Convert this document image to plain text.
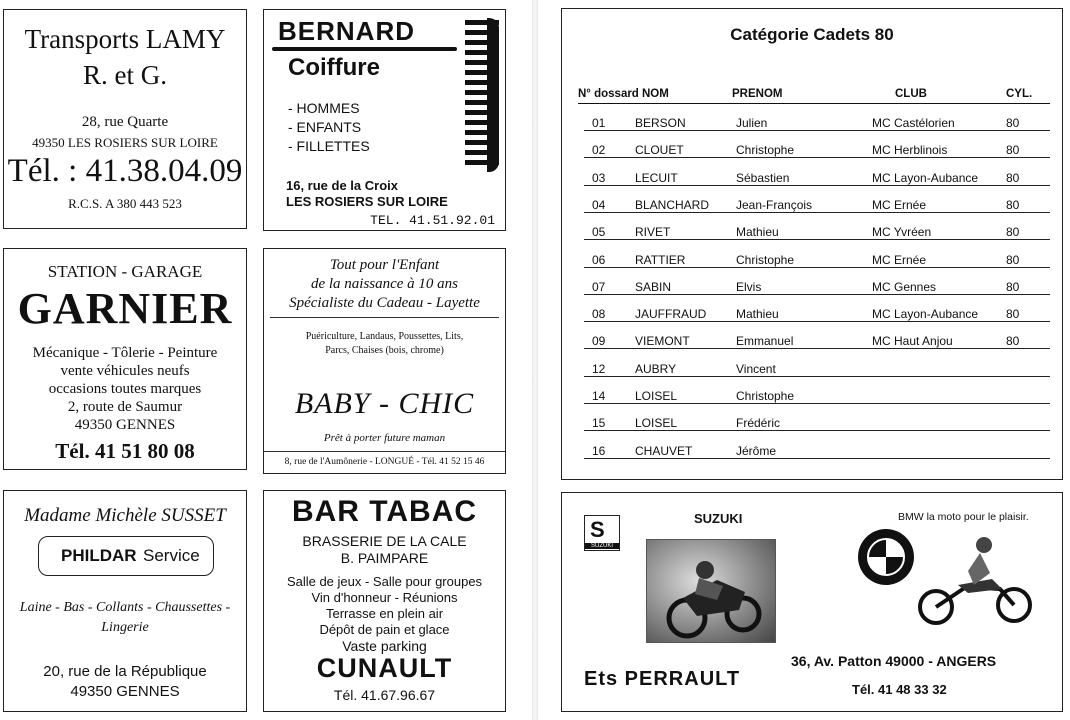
Transports LAMY
R. et G.
28, rue Quarte
49350 LES ROSIERS SUR LOIRE
Tél. : 41.38.04.09
R.C.S. A 380 443 523
BERNARD
Coiffure
- HOMMES
- ENFANTS
- FILLETTES
16, rue de la Croix
LES ROSIERS SUR LOIRE
TEL. 41.51.92.01
STATION - GARAGE
GARNIER
Mécanique - Tôlerie - Peinture
vente véhicules neufs
occasions toutes marques
2, route de Saumur
49350 GENNES
Tél. 41 51 80 08
Tout pour l'Enfant
de la naissance à 10 ans
Spécialiste du Cadeau - Layette
Puériculture, Landaus, Poussettes, Lits,
Parcs, Chaises (bois, chrome)
BABY - CHIC
Prêt à porter future maman
8, rue de l'Aumônerie - LONGUÉ - Tél. 41 52 15 46
Madame Michèle SUSSET
PHILDAR Service
Laine - Bas - Collants - Chaussettes -
Lingerie
20, rue de la République
49350 GENNES
BAR TABAC
BRASSERIE DE LA CALE
B. PAIMPARE
Salle de jeux - Salle pour groupes
Vin d'honneur - Réunions
Terrasse en plein air
Dépôt de pain et glace
Vaste parking
CUNAULT
Tél. 41.67.96.67
Catégorie Cadets 80
N° dossard NOM	PRENOM	CLUB	CYL.
01 BERSON	Julien	MC Castélorien	80
02 CLOUET	Christophe	MC Herblinois	80
03 LECUIT	Sébastien	MC Layon-Aubance 80
04 BLANCHARD Jean-François	MC Ernée	80
05 RIVET	Mathieu	MC Yvréen	80
06 RATTIER	Christophe	MC Ernée	80
07 SABIN	Elvis	MC Gennes	80
08 JAUFFRAUD Mathieu	MC Layon-Aubance 80
09 VIEMONT	Emmanuel	MC Haut Anjou	80
12 AUBRY	Vincent
14 LOISEL	Christophe
15 LOISEL	Frédéric
16 CHAUVET	Jérôme
S
SUZUKI
SUZUKI	BMW la moto pour le plaisir.
36, Av. Patton 49000 - ANGERS
Ets PERRAULT	Tél. 41 48 33 32
